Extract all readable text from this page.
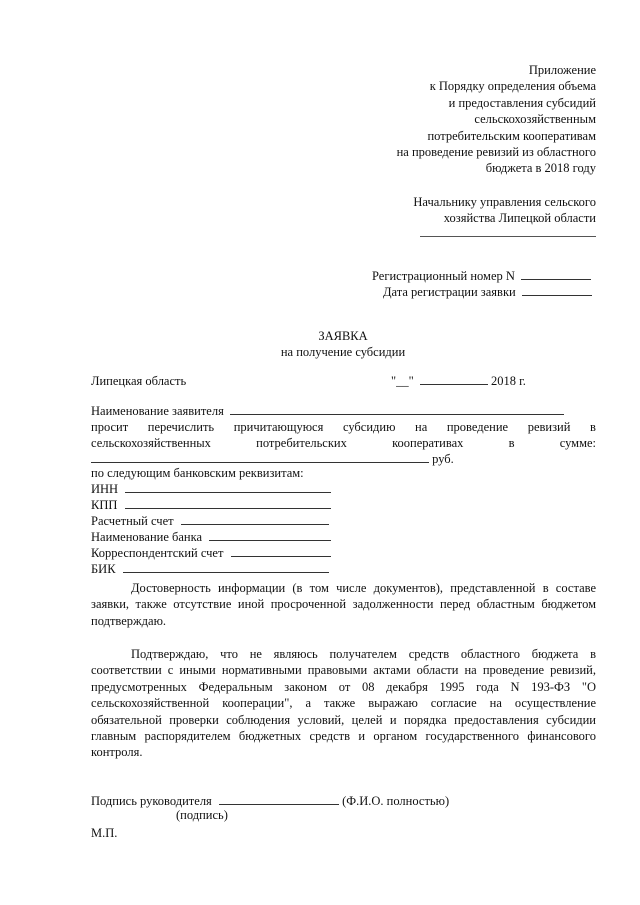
Приложение
к Порядку определения объема
и предоставления субсидий
сельскохозяйственным
потребительским кооперативам
на проведение ревизий из областного
бюджета в 2018 году
Начальнику управления сельского
хозяйства Липецкой области
Регистрационный номер N
Дата регистрации заявки
ЗАЯВКА
на получение субсидии
Липецкая область	"__"	2018 г.
Наименование заявителя
просит перечислить причитающуюся субсидию на проведение ревизий в
сельскохозяйственных	потребительских	кооперативах	в	сумме:
руб.
по следующим банковским реквизитам:
ИНН
КПП
Расчетный счет
Наименование банка
Корреспондентский счет
БИК
Достоверность информации (в том числе документов), представленной в составе заявки, также отсутствие иной просроченной задолженности перед областным бюджетом подтверждаю.
Подтверждаю, что не являюсь получателем средств областного бюджета в соответствии с иными нормативными правовыми актами области на проведение ревизий, предусмотренных Федеральным законом от 08 декабря 1995 года N 193-ФЗ "О сельскохозяйственной кооперации", а также выражаю согласие на осуществление обязательной проверки соблюдения условий, целей и порядка предоставления субсидии главным распорядителем бюджетных средств и органом государственного финансового контроля.
Подпись руководителя	(Ф.И.О. полностью)
(подпись)
М.П.
